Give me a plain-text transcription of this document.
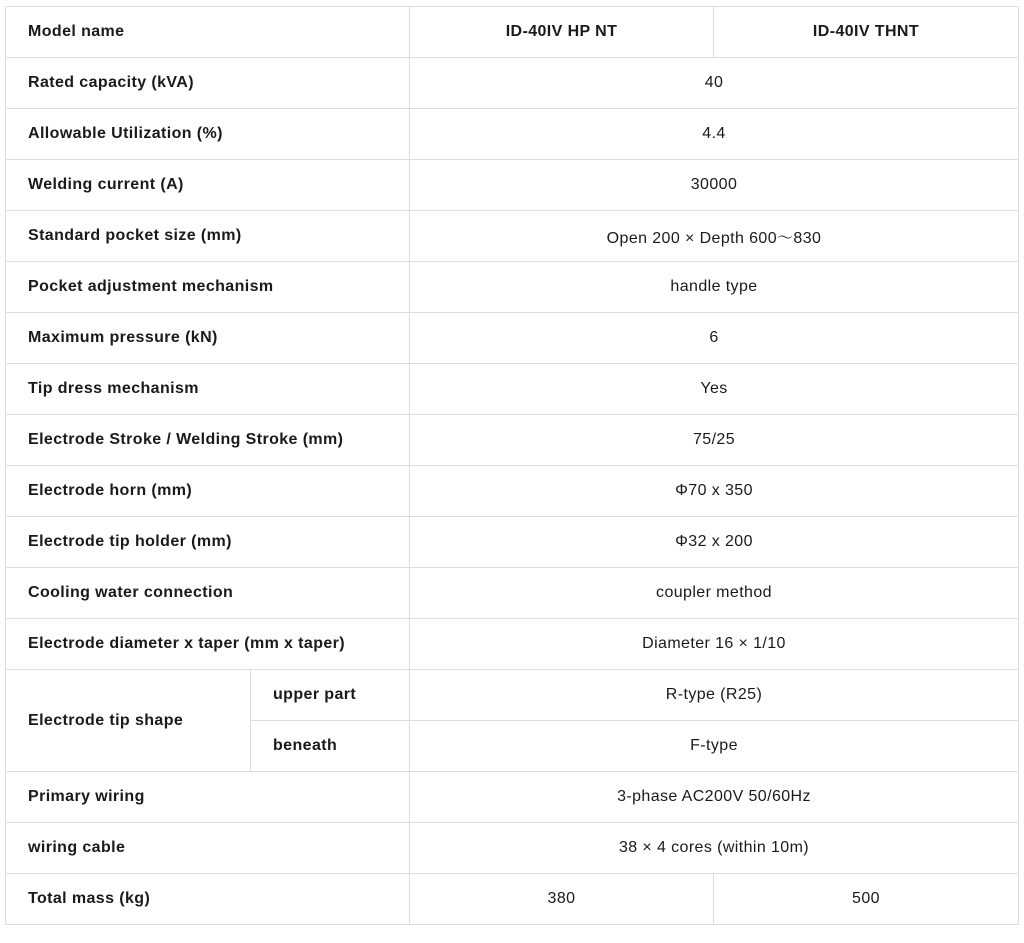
Model name		ID-40IV HP NT	ID-40IV THNT
Rated capacity (kVA)		40	
Allowable Utilization (%)		4.4	
Welding current (A)		30000	
Standard pocket size (mm)		Open 200 × Depth 600～830	
Pocket adjustment mechanism		handle type	
Maximum pressure (kN)		6	
Tip dress mechanism		Yes	
Electrode Stroke / Welding Stroke (mm)		75/25	
Electrode horn (mm)		Φ70 x 350	
Electrode tip holder (mm)		Φ32 x 200	
Cooling water connection		coupler method	
Electrode diameter x taper (mm x taper)		Diameter 16 × 1/10	
Electrode tip shape	upper part	R-type (R25)	
	beneath	F-type	
Primary wiring		3-phase AC200V 50/60Hz	
wiring cable		38 × 4 cores (within 10m)	
Total mass (kg)		380	500
